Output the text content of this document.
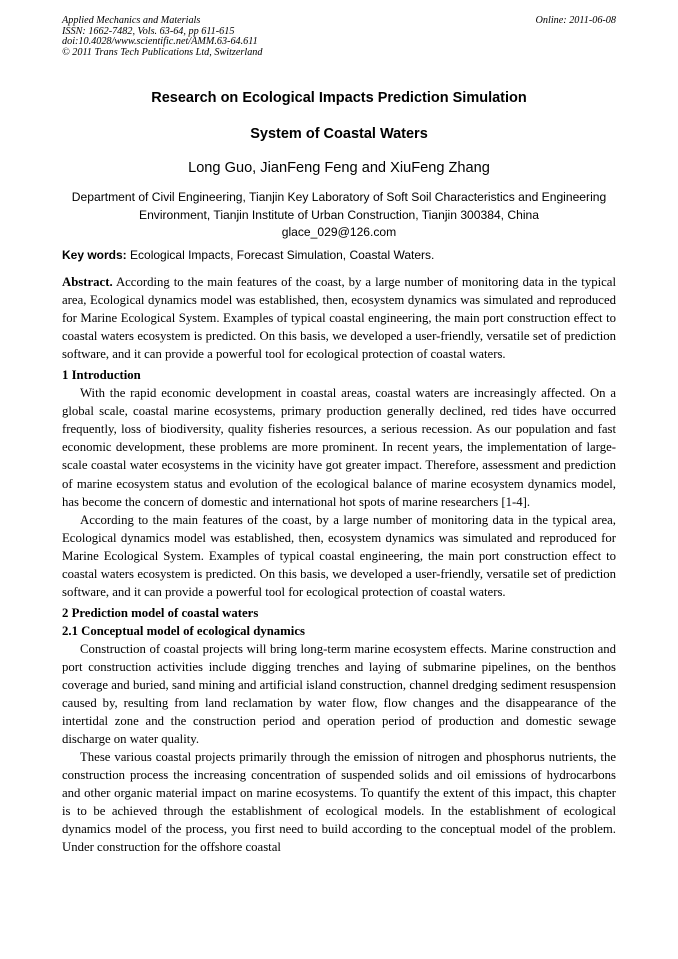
Applied Mechanics and Materials
ISSN: 1662-7482, Vols. 63-64, pp 611-615
doi:10.4028/www.scientific.net/AMM.63-64.611
© 2011 Trans Tech Publications Ltd, Switzerland
Online: 2011-06-08
Research on Ecological Impacts Prediction Simulation
System of Coastal Waters
Long Guo, JianFeng Feng and XiuFeng Zhang
Department of Civil Engineering, Tianjin Key Laboratory of Soft Soil Characteristics and Engineering
Environment, Tianjin Institute of Urban Construction, Tianjin 300384, China
glace_029@126.com
Key words: Ecological Impacts, Forecast Simulation, Coastal Waters.

Abstract. According to the main features of the coast, by a large number of monitoring data in the typical area, Ecological dynamics model was established, then, ecosystem dynamics was simulated and reproduced for Marine Ecological System. Examples of typical coastal engineering, the main port construction effect to coastal waters ecosystem is predicted. On this basis, we developed a user-friendly, versatile set of prediction software, and it can provide a powerful tool for ecological protection of coastal waters.

1 Introduction

With the rapid economic development in coastal areas, coastal waters are increasingly affected. On a global scale, coastal marine ecosystems, primary production generally declined, red tides have occurred frequently, loss of biodiversity, quality fisheries resources, a serious recession. As our population and fast economic development, these problems are more prominent. In recent years, the implementation of large-scale coastal water ecosystems in the vicinity have got greater impact. Therefore, assessment and prediction of marine ecosystem status and evolution of the ecological balance of marine ecosystem dynamics model, has become the concern of domestic and international hot spots of marine researchers [1-4].

According to the main features of the coast, by a large number of monitoring data in the typical area, Ecological dynamics model was established, then, ecosystem dynamics was simulated and reproduced for Marine Ecological System. Examples of typical coastal engineering, the main port construction effect to coastal waters ecosystem is predicted. On this basis, we developed a user-friendly, versatile set of prediction software, and it can provide a powerful tool for ecological protection of coastal waters.

2 Prediction model of coastal waters

2.1 Conceptual model of ecological dynamics

Construction of coastal projects will bring long-term marine ecosystem effects. Marine construction and port construction activities include digging trenches and laying of submarine pipelines, on the benthos coverage and buried, sand mining and artificial island construction, channel dredging sediment resuspension caused by, resulting from land reclamation by water flow, flow changes and the disappearance of the intertidal zone and the construction period and operation period of production and domestic sewage discharge on water quality.

These various coastal projects primarily through the emission of nitrogen and phosphorus nutrients, the construction process the increasing concentration of suspended solids and oil emissions of hydrocarbons and other organic material impact on marine ecosystems. To quantify the extent of this impact, this chapter is to be achieved through the establishment of ecological models. In the establishment of ecological dynamics model of the process, you first need to build according to the conceptual model of the problem. Under construction for the offshore coastal
